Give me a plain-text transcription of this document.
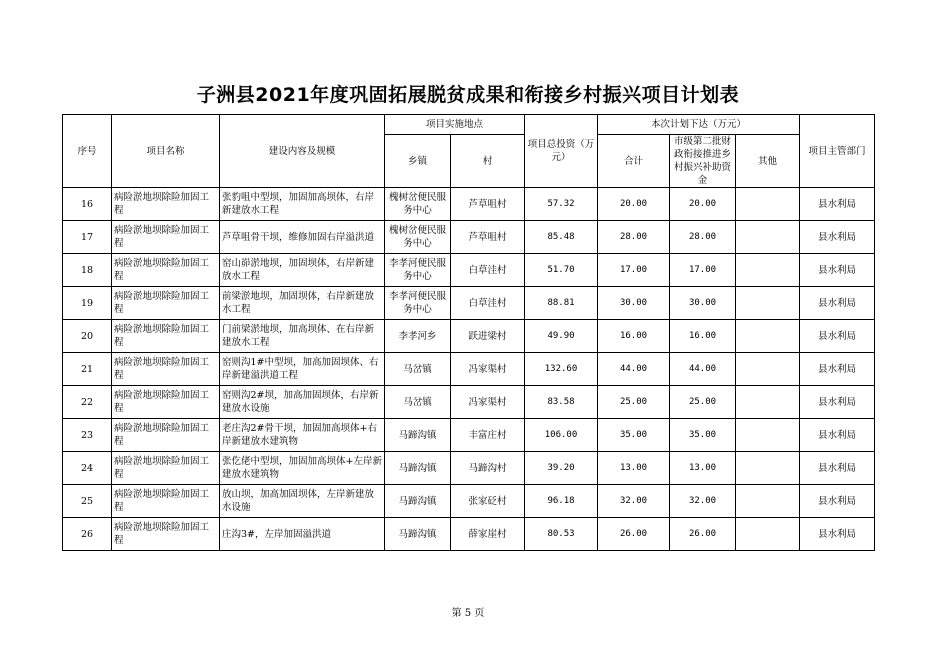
子洲县2021年度巩固拓展脱贫成果和衔接乡村振兴项目计划表
序号	项目名称	建设内容及规模	项目实施地点		项目总投资（万元）	本次计划下达（万元）			项目主管部门
			乡镇	村		合计	市级第二批财政衔接推进乡村振兴补助资金	其他	
16	病险淤地坝除险加固工程	张豹咀中型坝，加固加高坝体，右岸新建放水工程	槐树岔便民服务中心	芦草咀村	57.32	20.00	20.00		县水利局
17	病险淤地坝除险加固工程	芦草咀骨干坝，维修加固右岸溢洪道	槐树岔便民服务中心	芦草咀村	85.48	28.00	28.00		县水利局
18	病险淤地坝除险加固工程	窑山峁淤地坝，加固坝体，右岸新建放水工程	李孝河便民服务中心	白草洼村	51.70	17.00	17.00		县水利局
19	病险淤地坝除险加固工程	前梁淤地坝，加固坝体，右岸新建放水工程	李孝河便民服务中心	白草洼村	88.81	30.00	30.00		县水利局
20	病险淤地坝除险加固工程	门前梁淤地坝，加高坝体、在右岸新建放水工程	李孝河乡	跃进梁村	49.90	16.00	16.00		县水利局
21	病险淤地坝除险加固工程	窑则沟1#中型坝，加高加固坝体、右岸新建溢洪道工程	马岔镇	冯家渠村	132.60	44.00	44.00		县水利局
22	病险淤地坝除险加固工程	窑则沟2#坝，加高加固坝体，右岸新建放水设施	马岔镇	冯家渠村	83.58	25.00	25.00		县水利局
23	病险淤地坝除险加固工程	老庄沟2#骨干坝，加固加高坝体+右岸新建放水建筑物	马蹄沟镇	丰富庄村	106.00	35.00	35.00		县水利局
24	病险淤地坝除险加固工程	张仡佬中型坝，加固加高坝体+左岸新建放水建筑物	马蹄沟镇	马蹄沟村	39.20	13.00	13.00		县水利局
25	病险淤地坝除险加固工程	放山坝，加高加固坝体，左岸新建放水设施	马蹄沟镇	张家砭村	96.18	32.00	32.00		县水利局
26	病险淤地坝除险加固工程	庄沟3#，左岸加固溢洪道	马蹄沟镇	薛家崖村	80.53	26.00	26.00		县水利局
第 5 页
